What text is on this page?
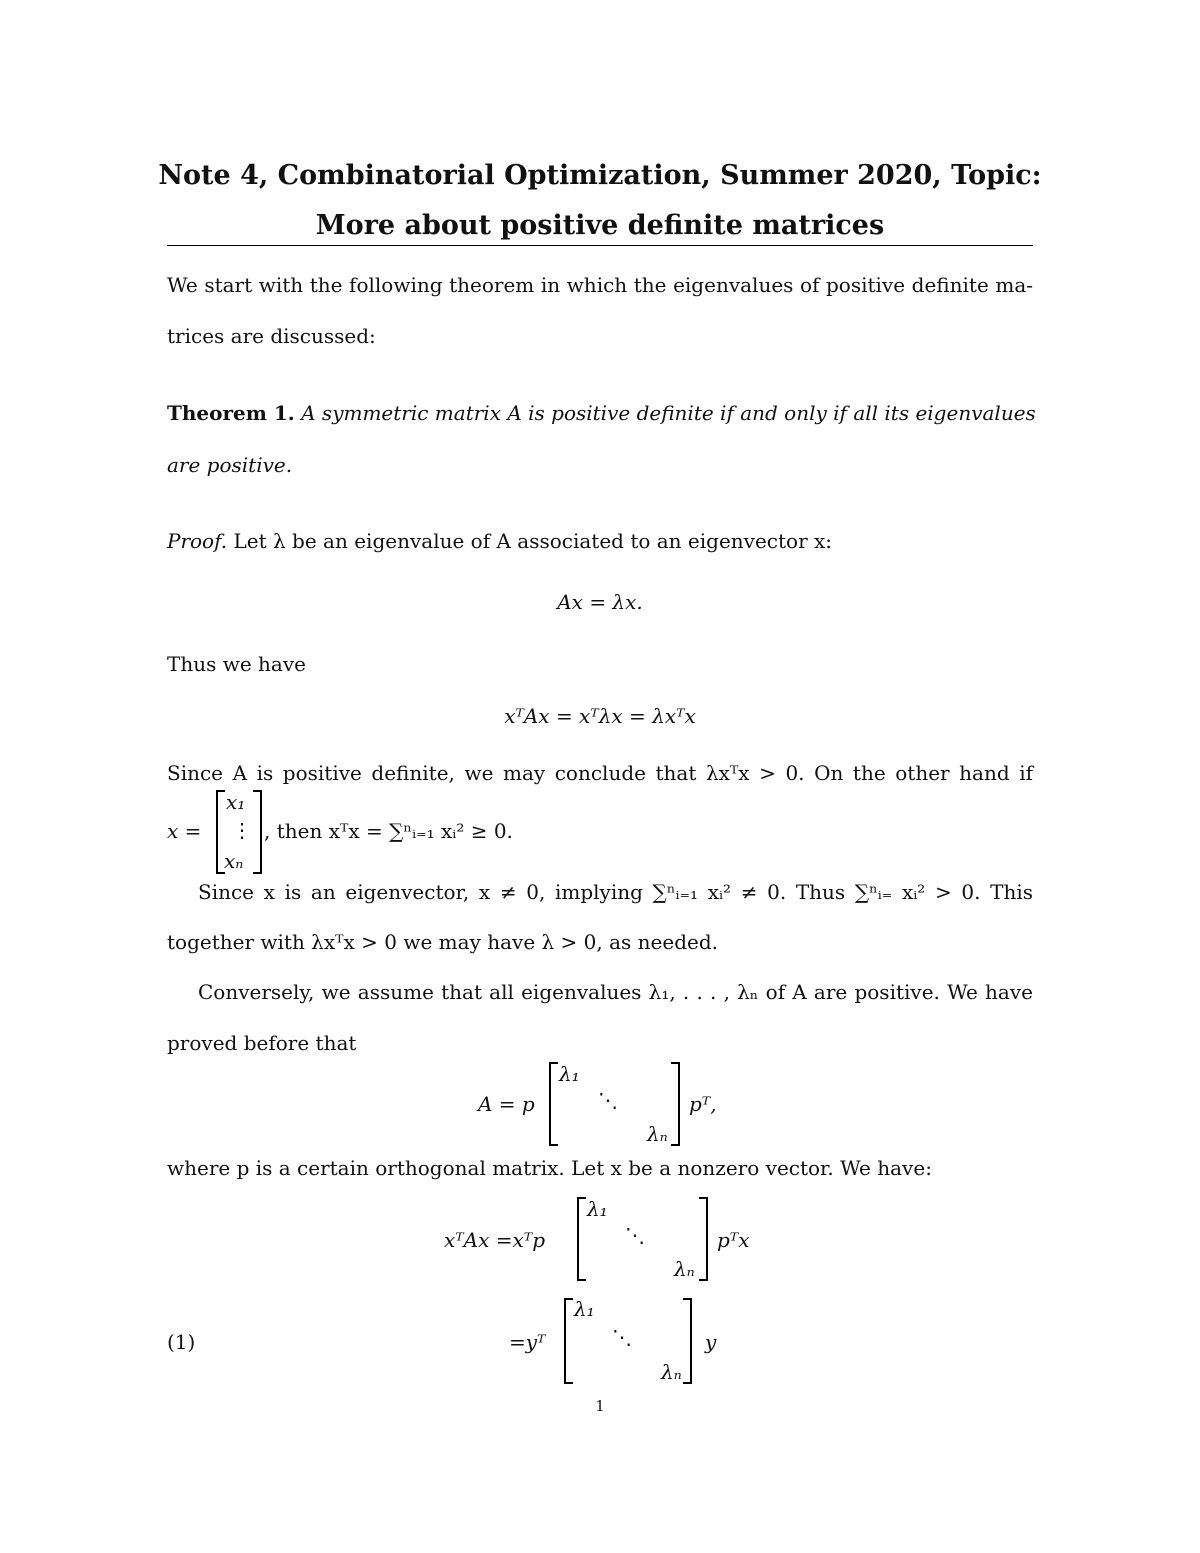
Note 4, Combinatorial Optimization, Summer 2020, Topic:
More about positive definite matrices
We start with the following theorem in which the eigenvalues of positive definite ma-
trices are discussed:
Theorem 1. A symmetric matrix A is positive definite if and only if all its eigenvalues
are positive.
Proof. Let λ be an eigenvalue of A associated to an eigenvector x:
Ax = λx.
Thus we have
xᵀAx = xᵀλx = λxᵀx
Since A is positive definite, we may conclude that λxᵀx > 0. On the other hand if
x =
x₁
⋮
xₙ
, then xᵀx = ∑ⁿᵢ₌₁ xᵢ² ≥ 0.
Since x is an eigenvector, x ≠ 0, implying ∑ⁿᵢ₌₁ xᵢ² ≠ 0. Thus ∑ⁿᵢ₌ xᵢ² > 0. This
together with λxᵀx > 0 we may have λ > 0, as needed.
Conversely, we assume that all eigenvalues λ₁, . . . , λₙ of A are positive. We have
proved before that
A = p
λ₁
⋱
λₙ
pᵀ,
where p is a certain orthogonal matrix. Let x be a nonzero vector. We have:
xᵀAx =xᵀp
λ₁
⋱
λₙ
pᵀx
(1)	=yᵀ
λ₁
⋱
λₙ
y
1
